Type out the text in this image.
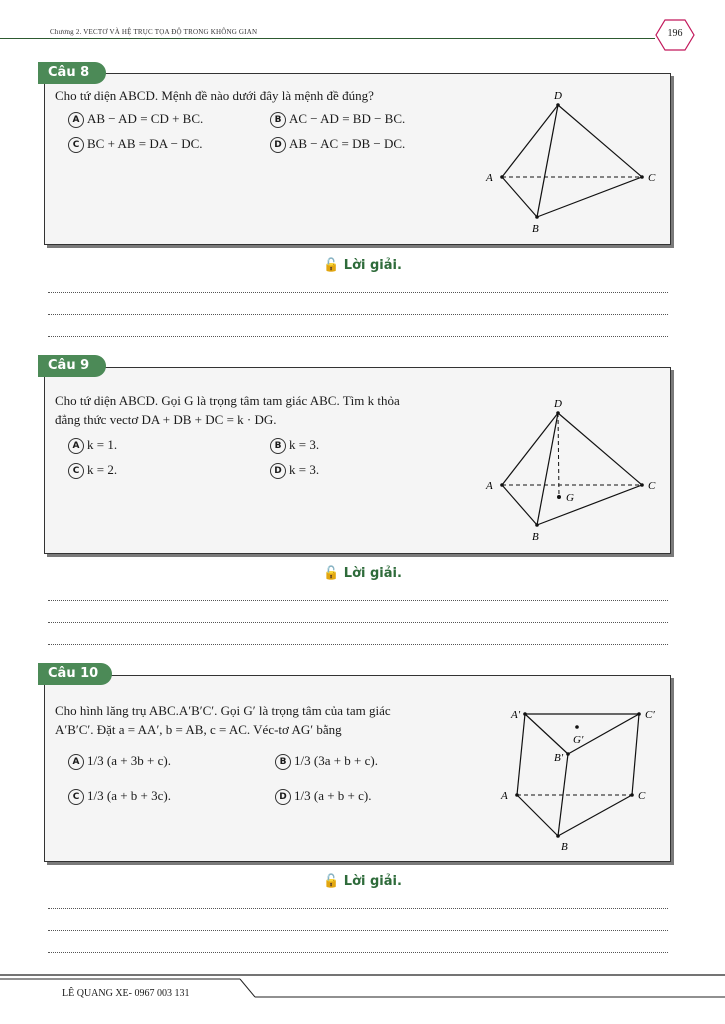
Chương 2. VECTƠ VÀ HỆ TRỤC TỌA ĐỘ TRONG KHÔNG GIAN	196
Câu 8
Cho tứ diện ABCD. Mệnh đề nào dưới đây là mệnh đề đúng?
A AB − AD = CD + BC.	B AC − AD = BD − BC.
C BC + AB = DA − DC.	D AB − AC = DB − DC.
D
A	C
B
🔓 Lời giải.
Câu 9
Cho tứ diện ABCD. Gọi G là trọng tâm tam giác ABC. Tìm k thỏa
đẳng thức vectơ DA + DB + DC = k · DG.
A k = 1.	B k = 3.
C k = 2.	D k = 3.
D
A	C
B
G
🔓 Lời giải.
Câu 10
Cho hình lăng trụ ABC.A′B′C′. Gọi G′ là trọng tâm của tam giác
A′B′C′. Đặt a = AA′, b = AB, c = AC. Véc-tơ AG′ bằng
A 1/3 (a + 3b + c).	B 1/3 (3a + b + c).
C 1/3 (a + b + 3c).	D 1/3 (a + b + c).
A′	C′
G′
B′
A	C
B
🔓 Lời giải.
LÊ QUANG XE- 0967 003 131
